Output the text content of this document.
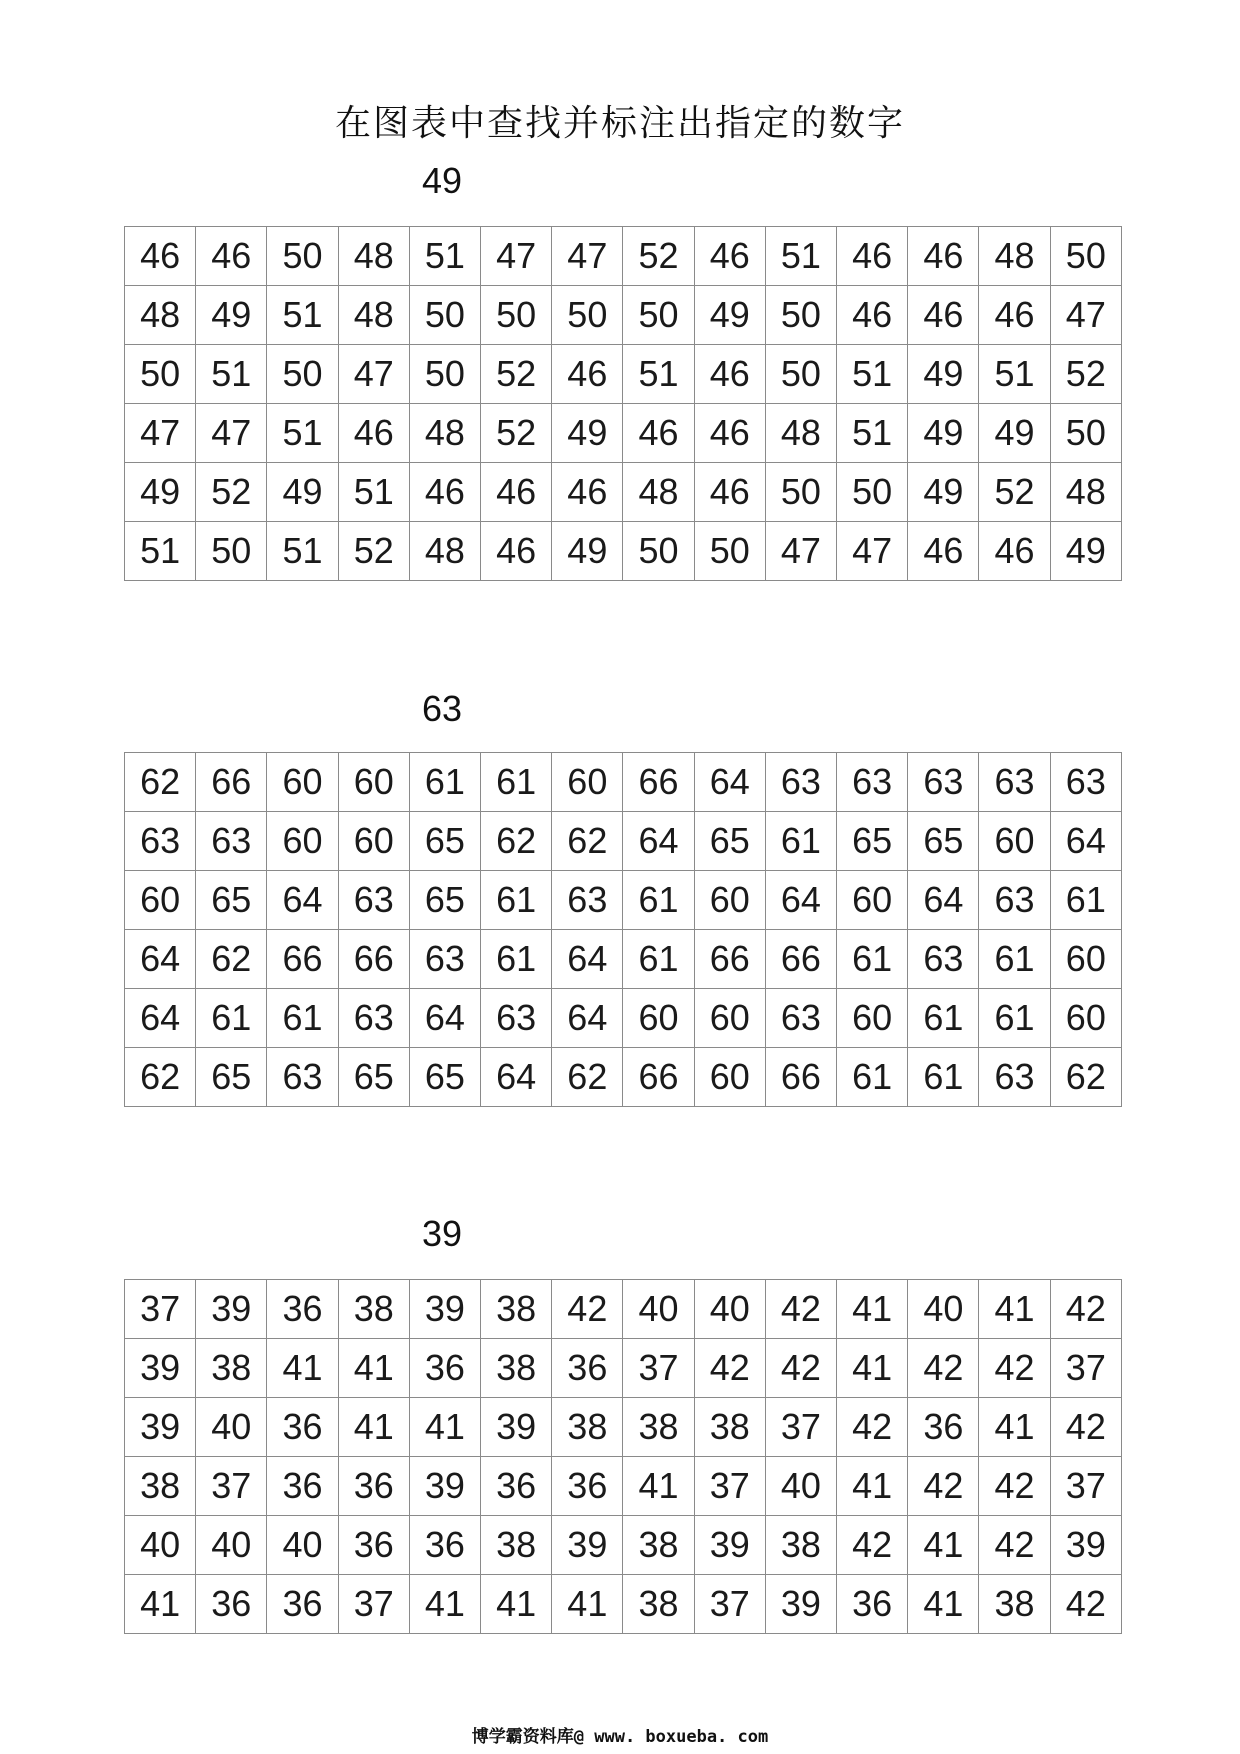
在图表中查找并标注出指定的数字
49
46	46	50	48	51	47	47	52	46	51	46	46	48	50
48	49	51	48	50	50	50	50	49	50	46	46	46	47
50	51	50	47	50	52	46	51	46	50	51	49	51	52
47	47	51	46	48	52	49	46	46	48	51	49	49	50
49	52	49	51	46	46	46	48	46	50	50	49	52	48
51	50	51	52	48	46	49	50	50	47	47	46	46	49
63
62	66	60	60	61	61	60	66	64	63	63	63	63	63
63	63	60	60	65	62	62	64	65	61	65	65	60	64
60	65	64	63	65	61	63	61	60	64	60	64	63	61
64	62	66	66	63	61	64	61	66	66	61	63	61	60
64	61	61	63	64	63	64	60	60	63	60	61	61	60
62	65	63	65	65	64	62	66	60	66	61	61	63	62
39
37	39	36	38	39	38	42	40	40	42	41	40	41	42
39	38	41	41	36	38	36	37	42	42	41	42	42	37
39	40	36	41	41	39	38	38	38	37	42	36	41	42
38	37	36	36	39	36	36	41	37	40	41	42	42	37
40	40	40	36	36	38	39	38	39	38	42	41	42	39
41	36	36	37	41	41	41	38	37	39	36	41	38	42
博学霸资料库@ www. boxueba. com
